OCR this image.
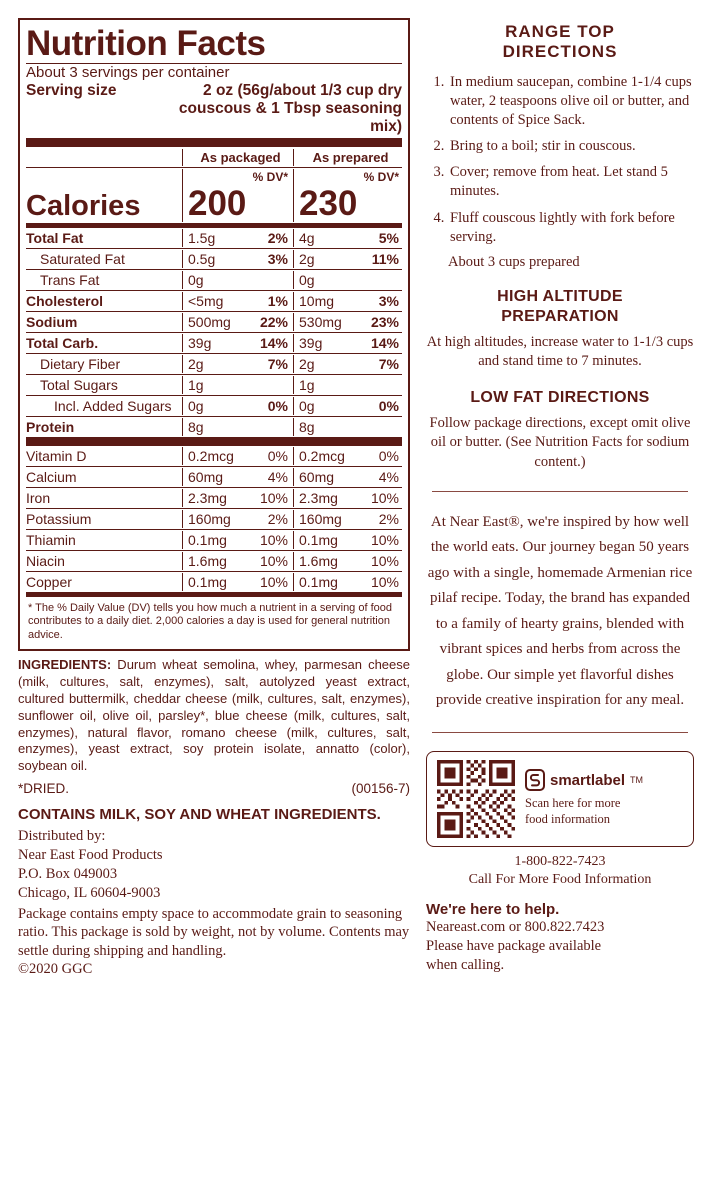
Nutrition Facts
About 3 servings per container
Serving size	2 oz (56g/about 1/3 cup dry
couscous & 1 Tbsp seasoning mix)
	As packaged		As prepared	

		% DV*		% DV*
Calories	200		230	

Total Fat	1.5g	2%	4g	5%

Saturated Fat	0.5g	3%	2g	11%

Trans Fat	0g		0g	

Cholesterol	<5mg	1%	10mg	3%

Sodium	500mg	22%	530mg	23%

Total Carb.	39g	14%	39g	14%

Dietary Fiber	2g	7%	2g	7%

Total Sugars	1g		1g	

Incl. Added Sugars	0g	0%	0g	0%

Protein	8g		8g	

Vitamin D	0.2mcg	0%	0.2mcg	0%

Calcium	60mg	4%	60mg	4%

Iron	2.3mg	10%	2.3mg	10%

Potassium	160mg	2%	160mg	2%

Thiamin	0.1mg	10%	0.1mg	10%

Niacin	1.6mg	10%	1.6mg	10%

Copper	0.1mg	10%	0.1mg	10%

* The % Daily Value (DV) tells you how much a nutrient in a serving of food contributes to a daily diet. 2,000 calories a day is used for general nutrition advice.
INGREDIENTS: Durum wheat semolina, whey, parmesan cheese (milk, cultures, salt, enzymes), salt, autolyzed yeast extract, cultured buttermilk, cheddar cheese (milk, cultures, salt, enzymes), sunflower oil, olive oil, parsley*, blue cheese (milk, cultures, salt, enzymes), natural flavor, romano cheese (milk, cultures, salt, enzymes), yeast extract, soy protein isolate, annatto (color), soybean oil.
*DRIED.	(00156-7)
CONTAINS MILK, SOY AND WHEAT INGREDIENTS.
Distributed by:
Near East Food Products
P.O. Box 049003
Chicago, IL 60604-9003
Package contains empty space to accommodate grain to seasoning ratio. This package is sold by weight, not by volume. Contents may settle during shipping and handling.
©2020 GGC
RANGE TOP
DIRECTIONS
1. In medium saucepan, combine 1-1/4 cups water, 2 teaspoons olive oil or butter, and contents of Spice Sack.
2. Bring to a boil; stir in couscous.
3. Cover; remove from heat. Let stand 5 minutes.
4. Fluff couscous lightly with fork before serving.
About 3 cups prepared
HIGH ALTITUDE
PREPARATION
At high altitudes, increase water to 1-1/3 cups and stand time to 7 minutes.
LOW FAT DIRECTIONS
Follow package directions, except omit olive oil or butter. (See Nutrition Facts for sodium content.)
At Near East®, we're inspired by how well the world eats. Our journey began 50 years ago with a single, homemade Armenian rice pilaf recipe. Today, the brand has expanded to a family of hearty grains, blended with vibrant spices and herbs from across the globe. Our simple yet flavorful dishes provide creative inspiration for any meal.
smartlabel TM
Scan here for more
food information
1-800-822-7423
Call For More Food Information
We're here to help.
Neareast.com or 800.822.7423
Please have package available
when calling.
